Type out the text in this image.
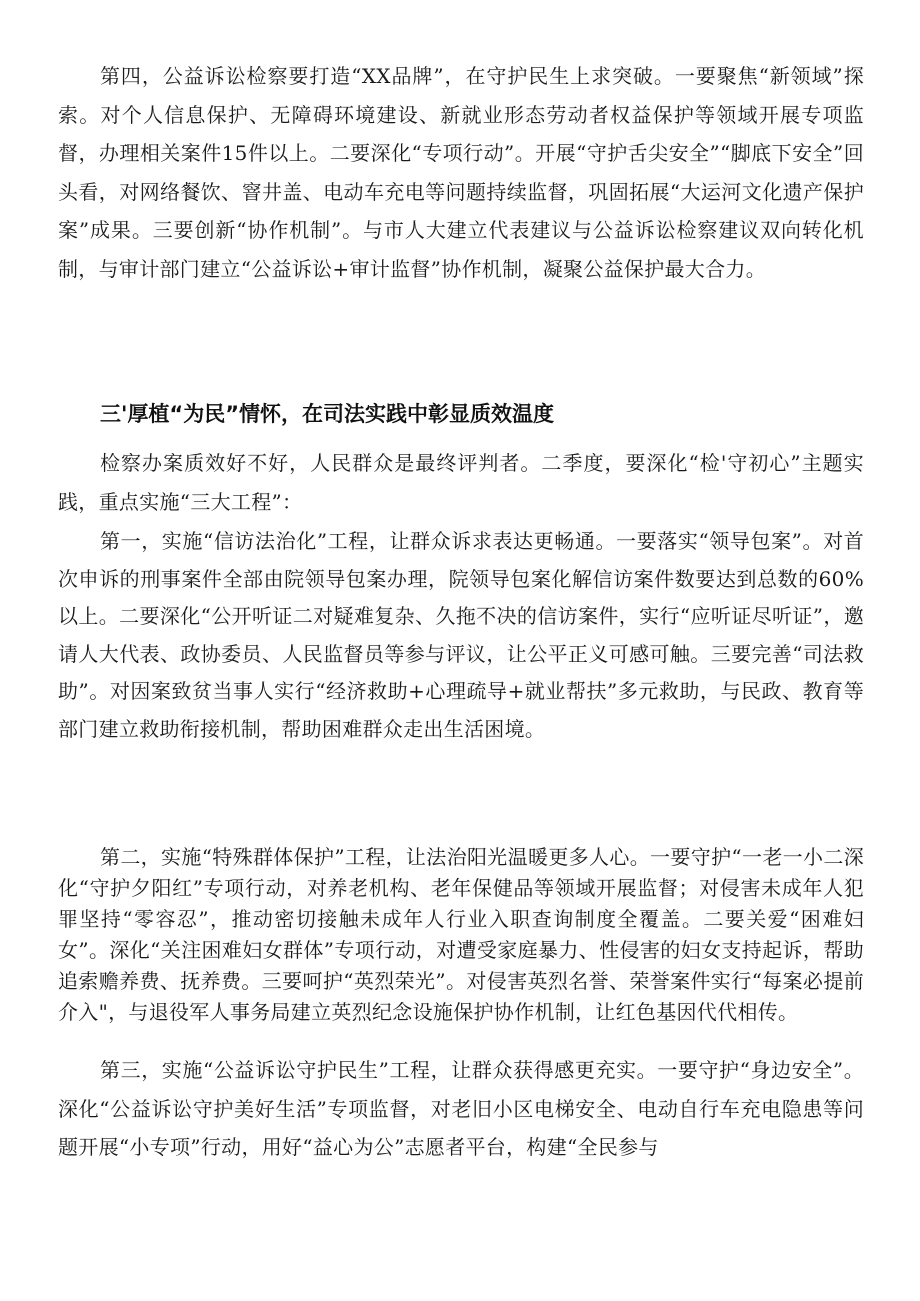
第四，公益诉讼检察要打造“XX品牌”，在守护民生上求突破。一要聚焦“新领域”探索。对个人信息保护、无障碍环境建设、新就业形态劳动者权益保护等领域开展专项监督，办理相关案件15件以上。二要深化“专项行动”。开展“守护舌尖安全”“脚底下安全”回头看，对网络餐饮、窨井盖、电动车充电等问题持续监督，巩固拓展“大运河文化遗产保护案”成果。三要创新“协作机制”。与市人大建立代表建议与公益诉讼检察建议双向转化机制，与审计部门建立“公益诉讼+审计监督”协作机制，凝聚公益保护最大合力。

三'厚植“为民”情怀，在司法实践中彰显质效温度

检察办案质效好不好，人民群众是最终评判者。二季度，要深化“检'守初心”主题实践，重点实施“三大工程”：

第一，实施“信访法治化”工程，让群众诉求表达更畅通。一要落实“领导包案”。对首次申诉的刑事案件全部由院领导包案办理，院领导包案化解信访案件数要达到总数的60%以上。二要深化“公开听证二对疑难复杂、久拖不决的信访案件，实行“应听证尽听证”，邀请人大代表、政协委员、人民监督员等参与评议，让公平正义可感可触。三要完善“司法救助”。对因案致贫当事人实行“经济救助+心理疏导+就业帮扶”多元救助，与民政、教育等部门建立救助衔接机制，帮助困难群众走出生活困境。

第二，实施“特殊群体保护”工程，让法治阳光温暖更多人心。一要守护“一老一小二深化“守护夕阳红”专项行动，对养老机构、老年保健品等领域开展监督；对侵害未成年人犯罪坚持“零容忍”，推动密切接触未成年人行业入职查询制度全覆盖。二要关爱“困难妇女”。深化“关注困难妇女群体”专项行动，对遭受家庭暴力、性侵害的妇女支持起诉，帮助追索赡养费、抚养费。三要呵护“英烈荣光”。对侵害英烈名誉、荣誉案件实行“每案必提前介入"，与退役军人事务局建立英烈纪念设施保护协作机制，让红色基因代代相传。

第三，实施“公益诉讼守护民生”工程，让群众获得感更充实。一要守护“身边安全”。深化“公益诉讼守护美好生活”专项监督，对老旧小区电梯安全、电动自行车充电隐患等问题开展“小专项”行动，用好“益心为公”志愿者平台，构建“全民参与
